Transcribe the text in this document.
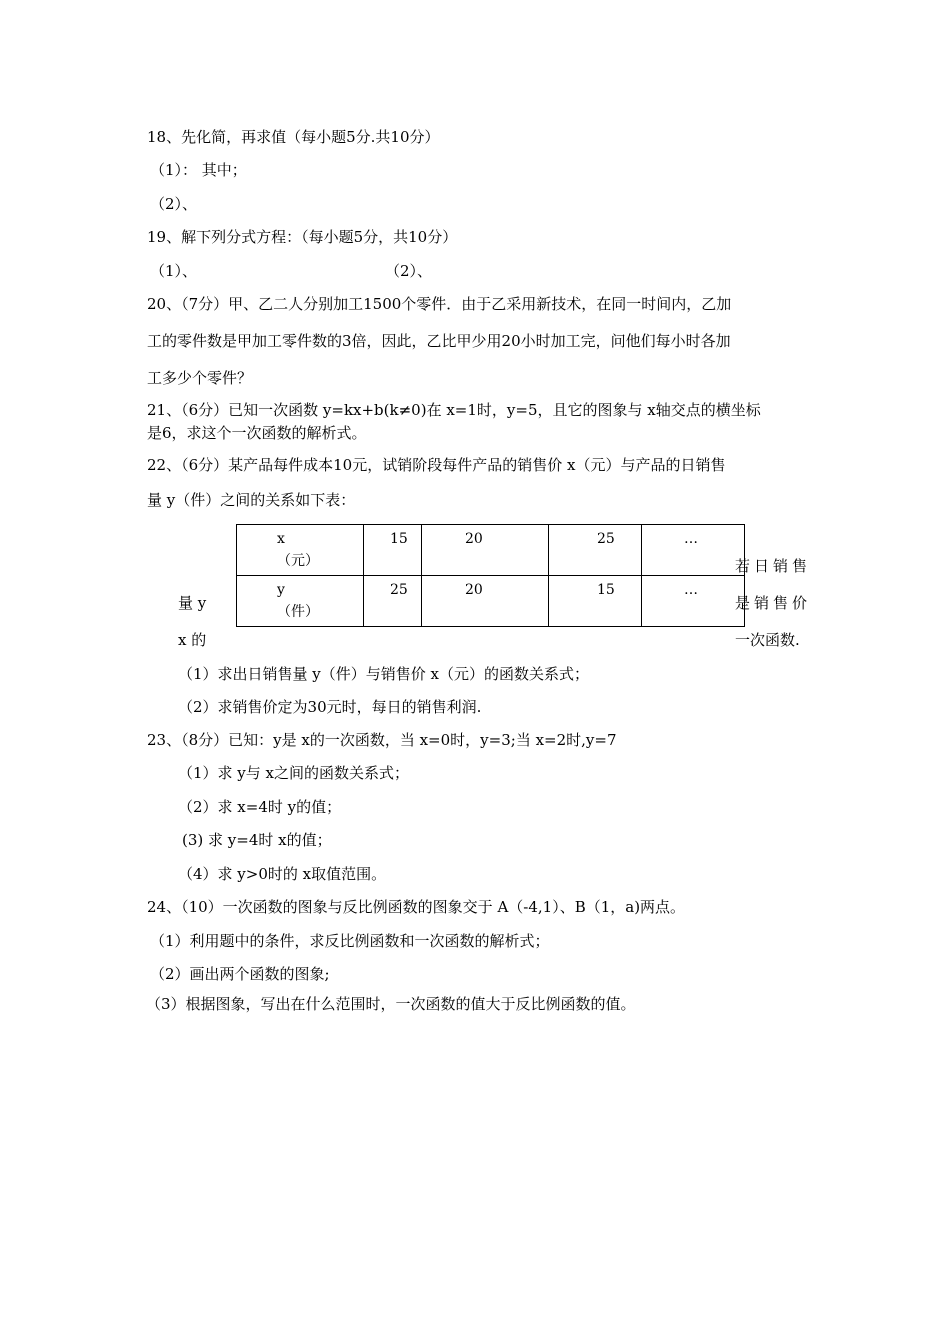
18、先化简，再求值（每小题5分.共10分）
（1）： 其中；
（2）、
19、解下列分式方程：（每小题5分，共10分）
（1）、	（2）、
20、（7分）甲、乙二人分别加工1500个零件．由于乙采用新技术，在同一时间内，乙加
工的零件数是甲加工零件数的3倍，因此，乙比甲少用20小时加工完，问他们每小时各加
工多少个零件？
21、（6分）已知一次函数 y=kx+b(k≠0)在 x=1时，y=5，且它的图象与 x轴交点的横坐标
是6，求这个一次函数的解析式。
22、（6分）某产品每件成本10元，试销阶段每件产品的销售价 x（元）与产品的日销售
量 y（件）之间的关系如下表：
x
（元）	15	20	25	…

y
（件）	25	20	15	…
若日销售
量 y	是销售价
x 的	一次函数.
（1）求出日销售量 y（件）与销售价 x（元）的函数关系式；
（2）求销售价定为30元时，每日的销售利润.
23、（8分）已知：y是 x的一次函数，当 x=0时，y=3;当 x=2时,y=7
（1）求 y与 x之间的函数关系式；
（2）求 x=4时 y的值；
(3) 求 y=4时 x的值；
（4）求 y>0时的 x取值范围。
24、（10）一次函数的图象与反比例函数的图象交于 A（-4,1）、B（1，a)两点。
（1）利用题中的条件，求反比例函数和一次函数的解析式；
（2）画出两个函数的图象;
（3）根据图象，写出在什么范围时，一次函数的值大于反比例函数的值。
